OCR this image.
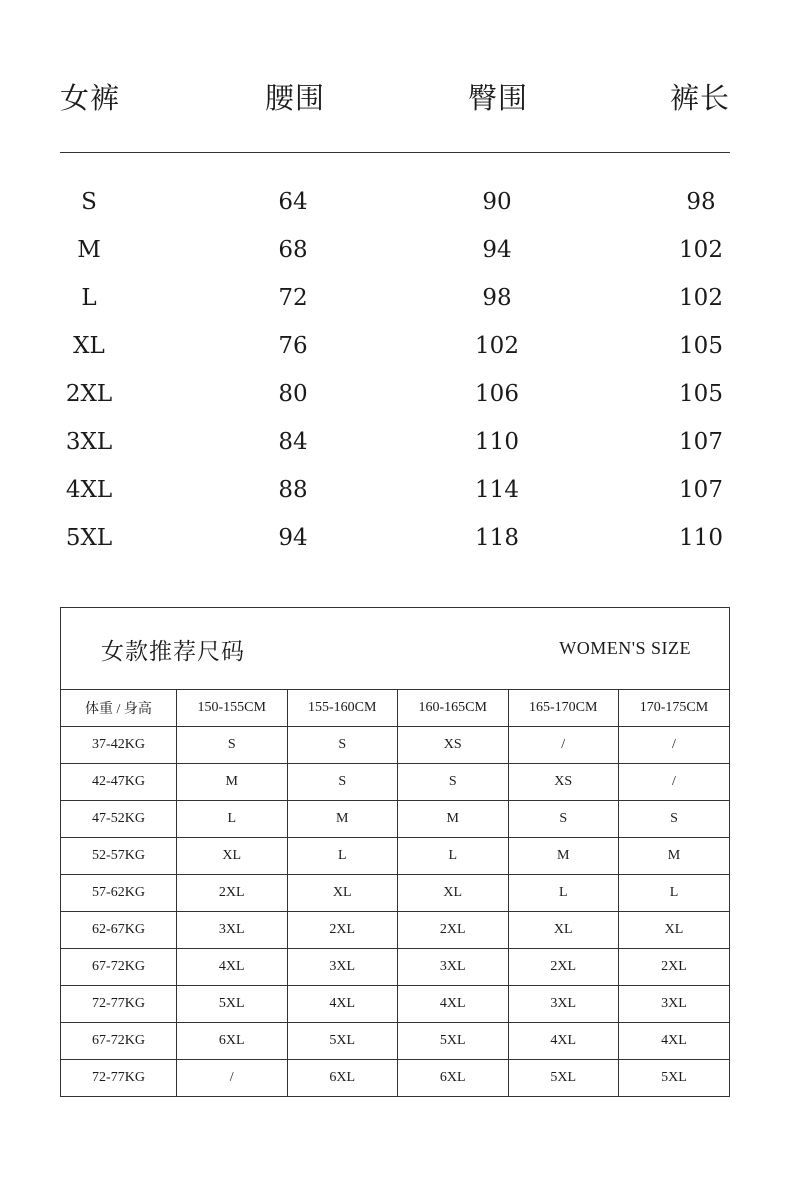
女裤	腰围	臀围	裤长
S	64	90	98
M	68	94	102
L	72	98	102
XL	76	102	105
2XL	80	106	105
3XL	84	110	107
4XL	88	114	107
5XL	94	118	110
女款推荐尺码	WOMEN'S SIZE
体重 / 身高	150-155CM	155-160CM	160-165CM	165-170CM	170-175CM
37-42KG	S	S	XS	/	/
42-47KG	M	S	S	XS	/
47-52KG	L	M	M	S	S
52-57KG	XL	L	L	M	M
57-62KG	2XL	XL	XL	L	L
62-67KG	3XL	2XL	2XL	XL	XL
67-72KG	4XL	3XL	3XL	2XL	2XL
72-77KG	5XL	4XL	4XL	3XL	3XL
67-72KG	6XL	5XL	5XL	4XL	4XL
72-77KG	/	6XL	6XL	5XL	5XL
